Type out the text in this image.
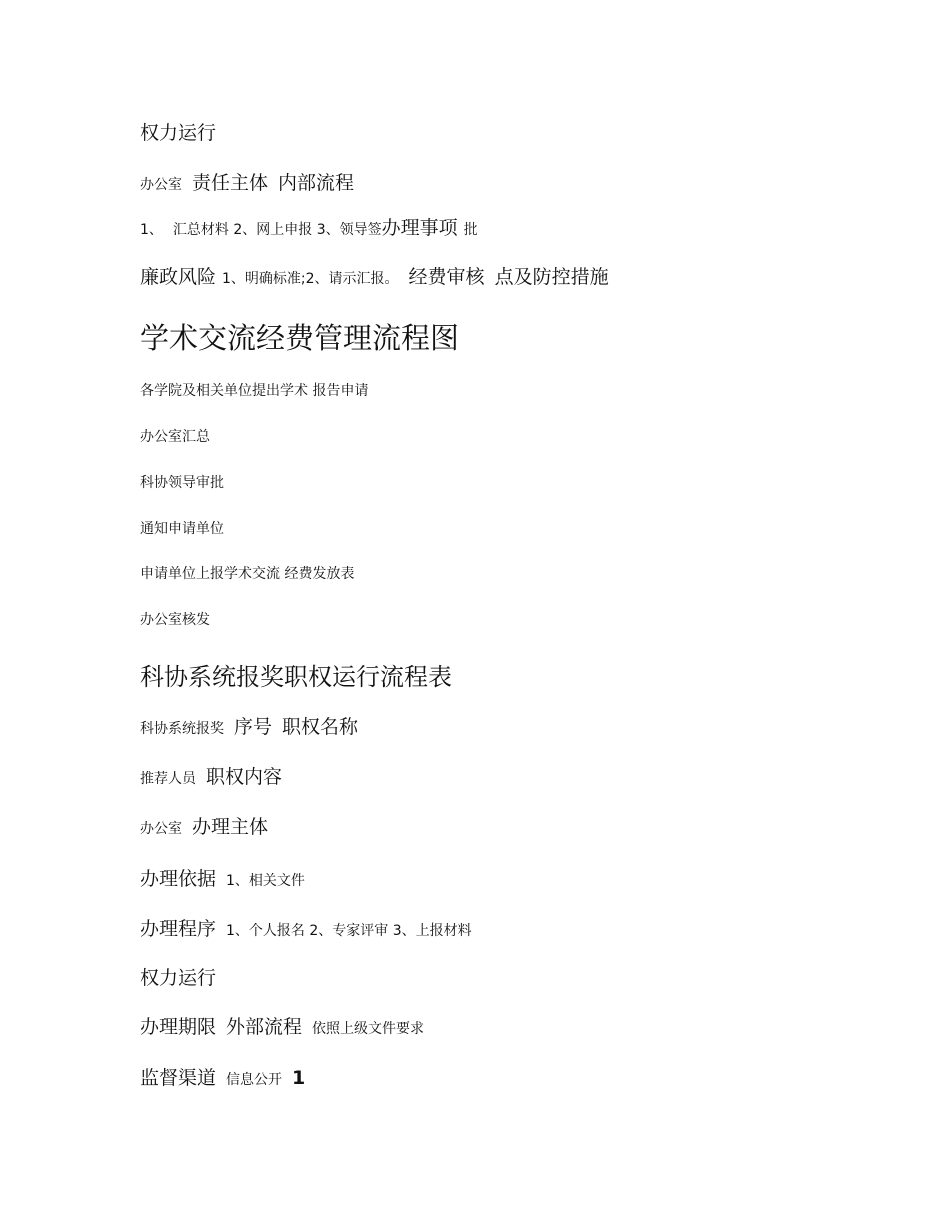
权力运行
办公室 责任主体 内部流程
1、 汇总材料 2、网上申报 3、领导签 办理事项 批
廉政风险 1、明确标准;2、请示汇报。 经费审核 点及防控措施
学术交流经费管理流程图
各学院及相关单位提出学术 报告申请
办公室汇总
科协领导审批
通知申请单位
申请单位上报学术交流 经费发放表
办公室核发
科协系统报奖职权运行流程表
科协系统报奖 序号 职权名称
推荐人员 职权内容
办公室 办理主体
办理依据 1、相关文件
办理程序 1、个人报名 2、专家评审 3、上报材料
权力运行
办理期限 外部流程 依照上级文件要求
监督渠道 信息公开 1
